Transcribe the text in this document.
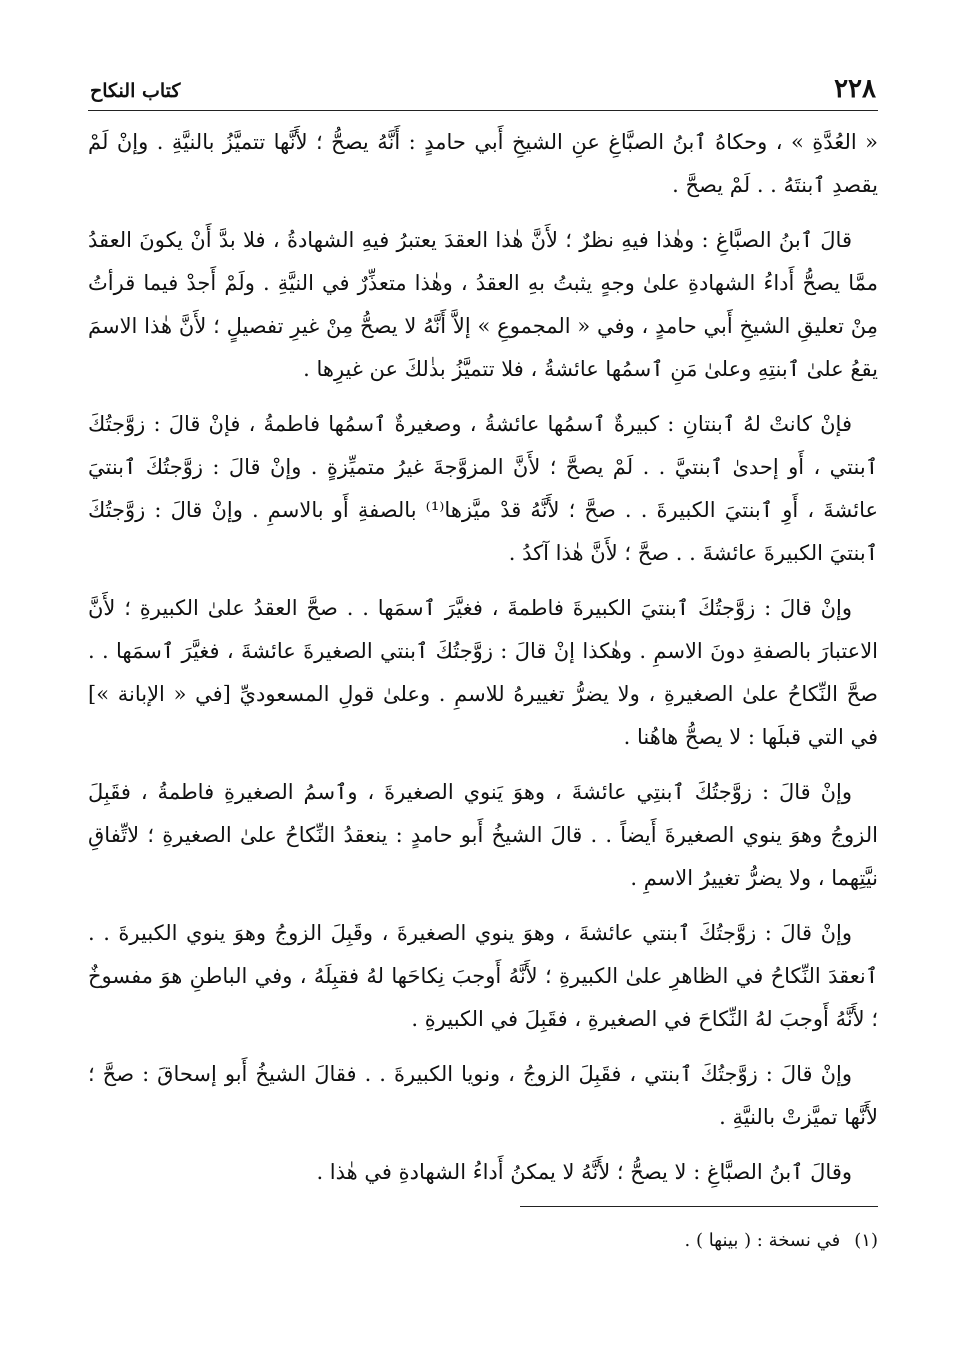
٢٢٨
كتاب النكاح

« العُدَّةِ » ، وحكاهُ ٱبنُ الصبَّاغِ عنِ الشيخِ أَبي حامدٍ : أَنَّهُ يصحُّ ؛ لأَنَّها تتميَّزُ بالنيَّةِ . وإنْ لَمْ يقصدِ ٱبنتَهُ . . لَمْ يصحَّ .

قالَ ٱبنُ الصبَّاغِ : وهٰذا فيهِ نظرٌ ؛ لأَنَّ هٰذا العقدَ يعتبرُ فيهِ الشهادةُ ، فلا بدَّ أَنْ يكونَ العقدُ ممَّا يصحُّ أَداءُ الشهادةِ علىٰ وجهٍ يثبتُ بهِ العقدُ ، وهٰذا متعذِّرٌ في النيَّةِ . ولَمْ أَجدْ فيما قرأتُ مِنْ تعليقِ الشيخِ أَبي حامدٍ ، وفي « المجموعِ » إلاَّ أَنَّهُ لا يصحُّ مِنْ غيرِ تفصيلٍ ؛ لأَنَّ هٰذا الاسمَ يقعُ علىٰ ٱبنتِهِ وعلىٰ مَنِ ٱسمُها عائشةُ ، فلا تتميَّزُ بذٰلكَ عن غيرِها .

فإنْ كانتْ لهُ ٱبنتانِ : كبيرةٌ ٱسمُها عائشةُ ، وصغيرةٌ ٱسمُها فاطمةُ ، فإنْ قالَ : زوَّجتُكَ ٱبنتي ، أَو إحدىٰ ٱبنتيَّ . . لَمْ يصحَّ ؛ لأَنَّ المزوَّجةَ غيرُ متميِّزةٍ . وإنْ قالَ : زوَّجتُكَ ٱبنتيَ عائشةَ ، أَوِ ٱبنتيَ الكبيرةَ . . صحَّ ؛ لأَنَّهُ قدْ ميَّزها⁽¹⁾ بالصفةِ أَو بالاسمِ . وإنْ قالَ : زوَّجتُكَ ٱبنتيَ الكبيرةَ عائشةَ . . صحَّ ؛ لأَنَّ هٰذا آكدُ .

وإنْ قالَ : زوَّجتُكَ ٱبنتيَ الكبيرةَ فاطمةَ ، فغيَّرَ ٱسمَها . . صحَّ العقدُ علىٰ الكبيرةِ ؛ لأَنَّ الاعتبارَ بالصفةِ دونَ الاسمِ . وهٰكذا إنْ قالَ : زوَّجتُكَ ٱبنتي الصغيرةَ عائشةَ ، فغيَّرَ ٱسمَها . . صحَّ النِّكاحُ علىٰ الصغيرةِ ، ولا يضرُّ تغييرهُ للاسمِ . وعلىٰ قولِ المسعوديِّ [في « الإبانة »] في التي قبلَها : لا يصحُّ هاهُنا .

وإنْ قالَ : زوَّجتُكَ ٱبنتِي عائشةَ ، وهوَ يَنوي الصغيرةَ ، وٱسمُ الصغيرةِ فاطمةُ ، فقَبِلَ الزوجُ وهوَ ينوي الصغيرةَ أَيضاً . . قالَ الشيخُ أَبو حامدٍ : ينعقدُ النِّكاحُ علىٰ الصغيرةِ ؛ لاتِّفاقِ نيَّتِهما ، ولا يضرُّ تغييرُ الاسمِ .

وإنْ قالَ : زوَّجتُكَ ٱبنتي عائشةَ ، وهوَ ينوي الصغيرةَ ، وقَبِلَ الزوجُ وهوَ ينوي الكبيرةَ . . ٱنعقدَ النِّكاحُ في الظاهرِ علىٰ الكبيرةِ ؛ لأَنَّهُ أَوجبَ نِكاحَها لهُ فقبِلَهُ ، وفي الباطنِ هوَ مفسوخٌ ؛ لأَنَّهُ أَوجبَ لهُ النِّكاحَ في الصغيرةِ ، فقَبِلَ في الكبيرةِ .

وإنْ قالَ : زوَّجتُكَ ٱبنتي ، فقَبِلَ الزوجُ ، ونويا الكبيرةَ . . فقالَ الشيخُ أَبو إسحاقَ : صحَّ ؛ لأَنَّها تميَّزتْ بالنيَّةِ .

وقالَ ٱبنُ الصبَّاغِ : لا يصحُّ ؛ لأَنَّهُ لا يمكنُ أَداءُ الشهادةِ في هٰذا .

(١)في نسخة : ( بينها ) .
